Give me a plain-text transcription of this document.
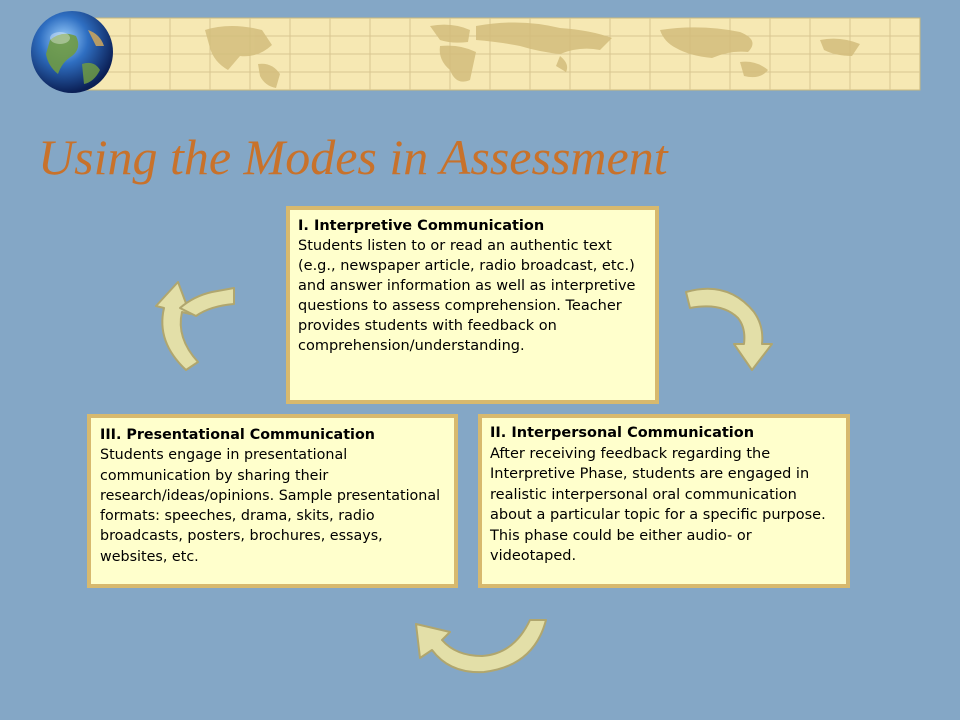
Using the Modes in Assessment
I. Interpretive Communication
Students listen to or read an authentic text (e.g., newspaper article, radio broadcast, etc.) and answer information as well as interpretive questions to assess comprehension. Teacher provides students with feedback on comprehension/understanding.
II. Interpersonal Communication
After receiving feedback regarding the Interpretive Phase, students are engaged in realistic interpersonal oral communication about a particular topic for a specific purpose. This phase could be either audio- or videotaped.
III. Presentational Communication
Students engage in presentational communication by sharing their research/ideas/opinions. Sample presentational formats: speeches, drama, skits, radio broadcasts, posters, brochures, essays, websites, etc.
